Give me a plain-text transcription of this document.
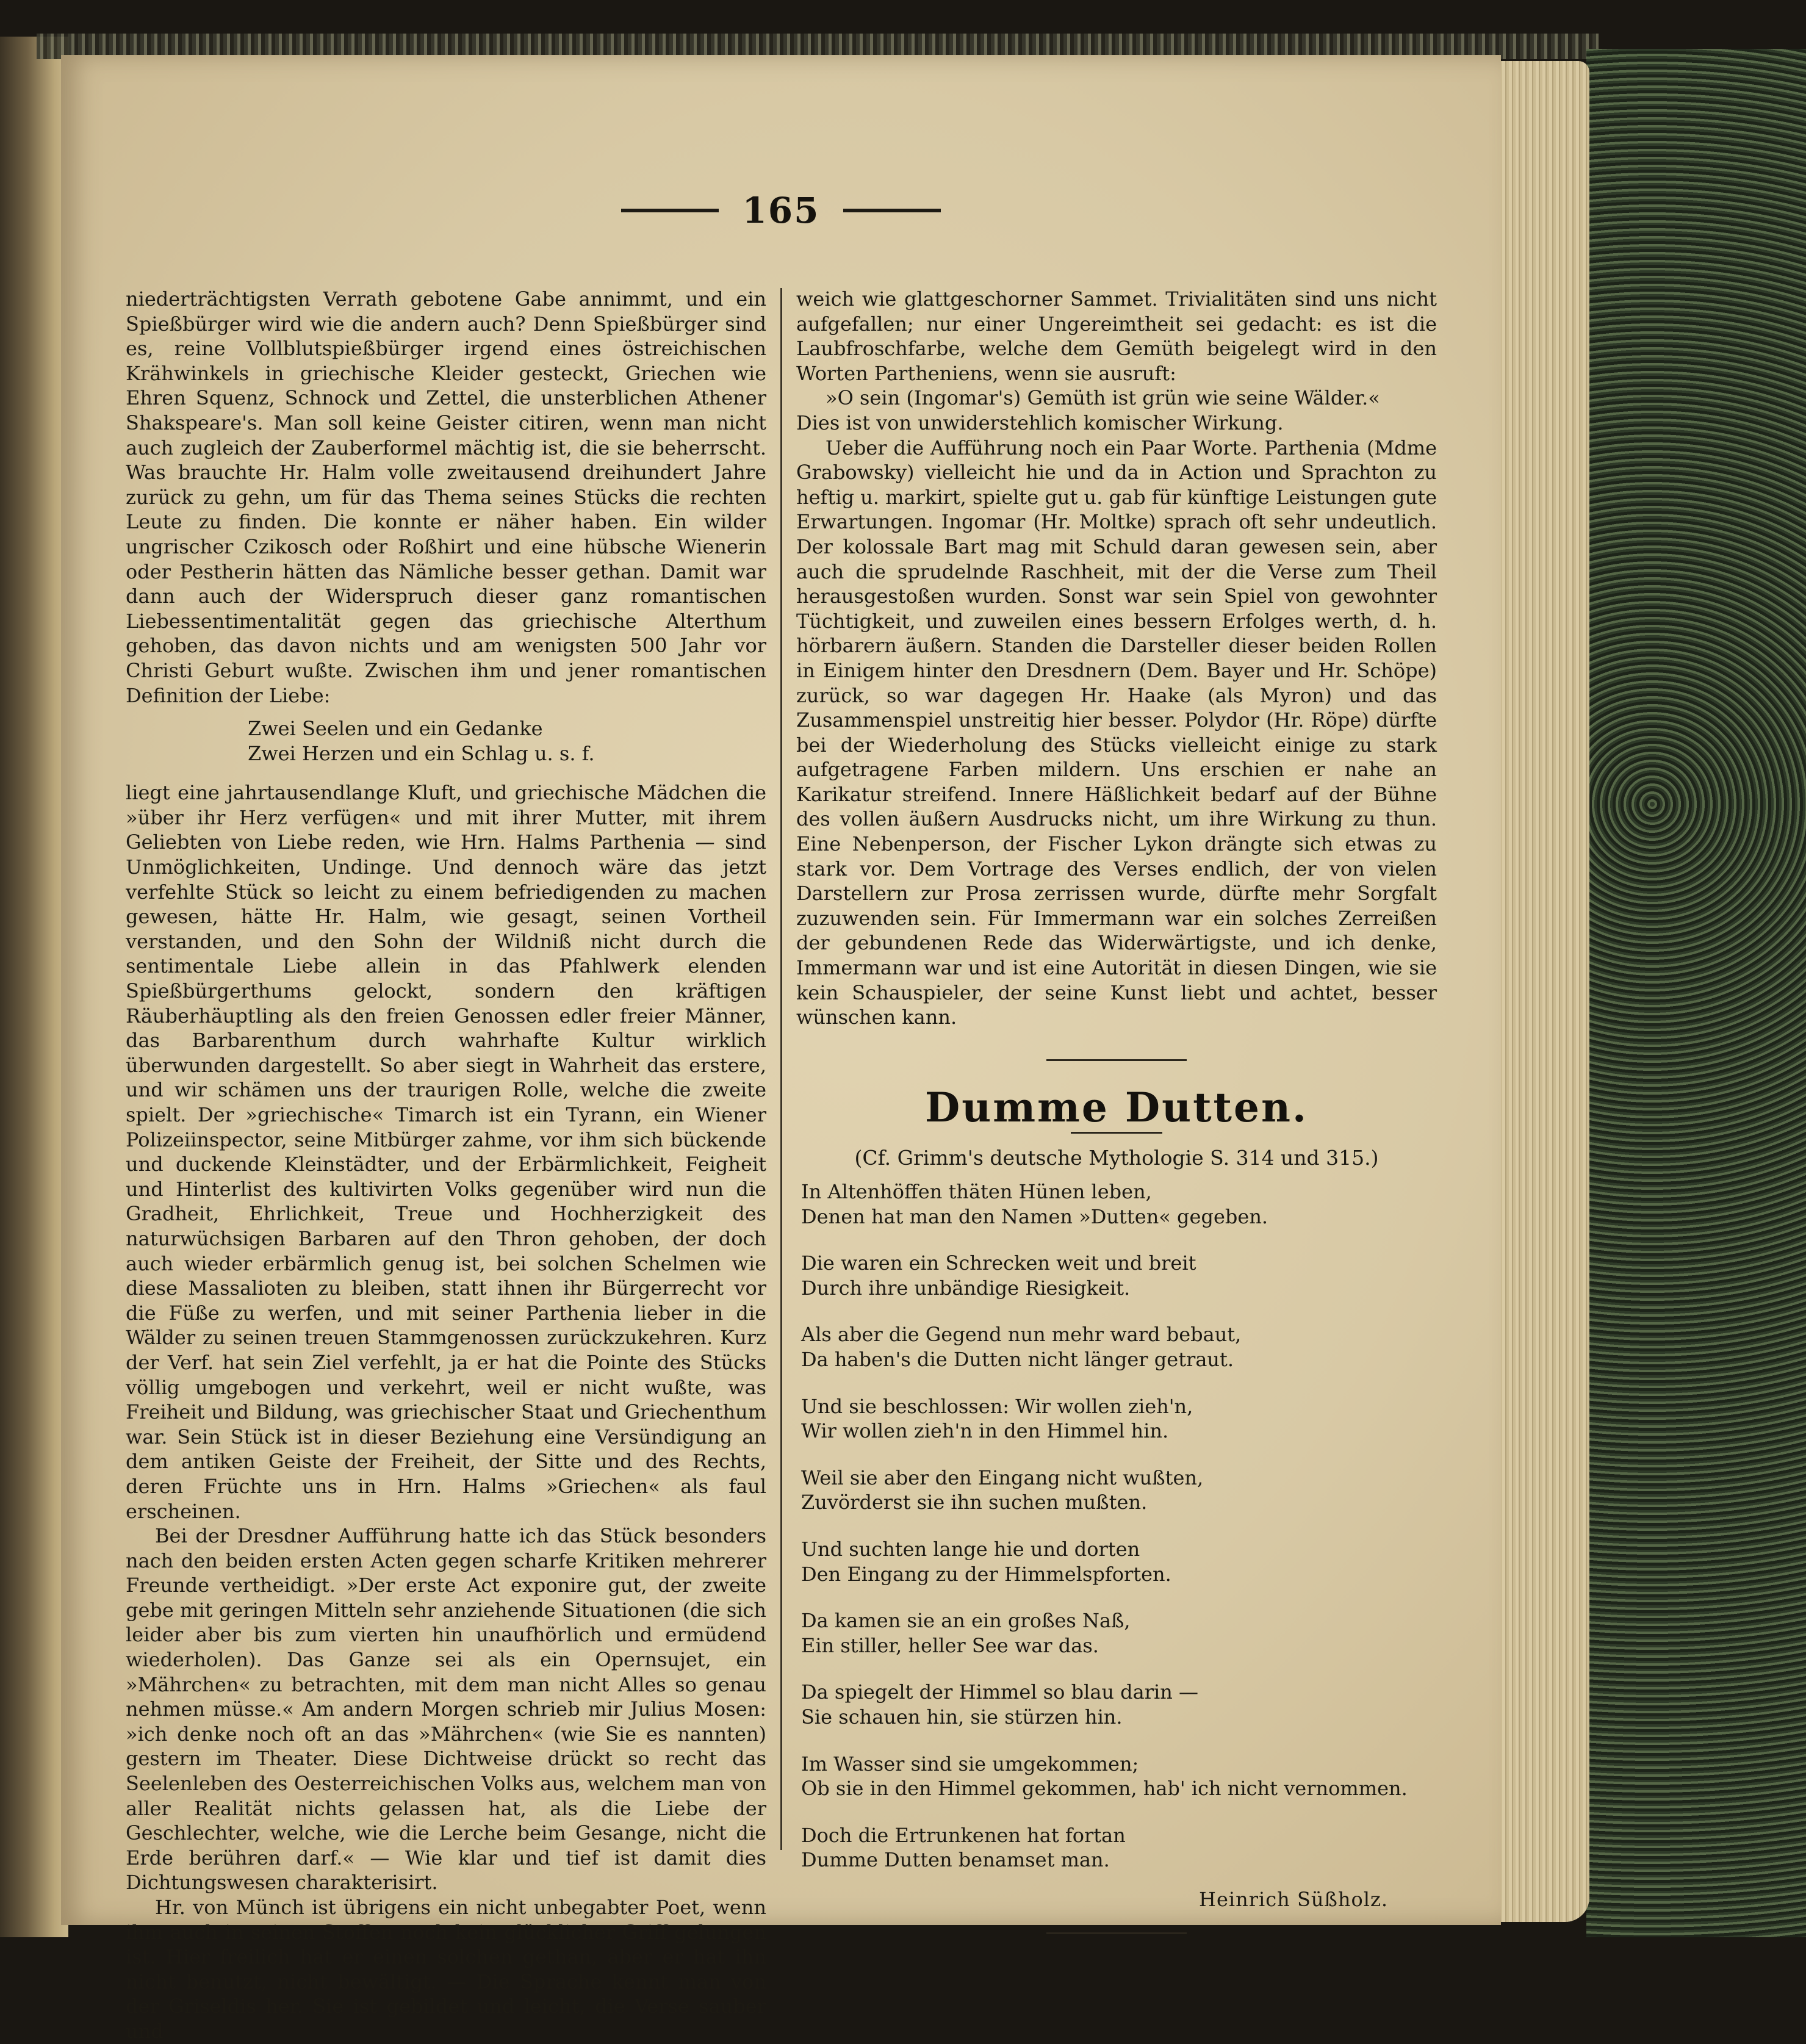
165

niederträchtigsten Verrath gebotene Gabe annimmt, und ein Spießbürger wird wie die andern auch? Denn Spießbürger sind es, reine Vollblutspießbürger irgend eines östreichischen Krähwinkels in griechische Kleider gesteckt, Griechen wie Ehren Squenz, Schnock und Zettel, die unsterblichen Athener Shakspeare's. Man soll keine Geister citiren, wenn man nicht auch zugleich der Zauberformel mächtig ist, die sie beherrscht. Was brauchte Hr. Halm volle zweitausend dreihundert Jahre zurück zu gehn, um für das Thema seines Stücks die rechten Leute zu finden. Die konnte er näher haben. Ein wilder ungrischer Czikosch oder Roßhirt und eine hübsche Wienerin oder Pestherin hätten das Nämliche besser gethan. Damit war dann auch der Widerspruch dieser ganz romantischen Liebessentimentalität gegen das griechische Alterthum gehoben, das davon nichts und am wenigsten 500 Jahr vor Christi Geburt wußte. Zwischen ihm und jener romantischen Definition der Liebe:

Zwei Seelen und ein Gedanke
Zwei Herzen und ein Schlag u. s. f.

liegt eine jahrtausendlange Kluft, und griechische Mädchen die »über ihr Herz verfügen« und mit ihrer Mutter, mit ihrem Geliebten von Liebe reden, wie Hrn. Halms Parthenia — sind Unmöglichkeiten, Undinge. Und dennoch wäre das jetzt verfehlte Stück so leicht zu einem befriedigenden zu machen gewesen, hätte Hr. Halm, wie gesagt, seinen Vortheil verstanden, und den Sohn der Wildniß nicht durch die sentimentale Liebe allein in das Pfahlwerk elenden Spießbürgerthums gelockt, sondern den kräftigen Räuberhäuptling als den freien Genossen edler freier Männer, das Barbarenthum durch wahrhafte Kultur wirklich überwunden dargestellt. So aber siegt in Wahrheit das erstere, und wir schämen uns der traurigen Rolle, welche die zweite spielt. Der »griechische« Timarch ist ein Tyrann, ein Wiener Polizeiinspector, seine Mitbürger zahme, vor ihm sich bückende und duckende Kleinstädter, und der Erbärmlichkeit, Feigheit und Hinterlist des kultivirten Volks gegenüber wird nun die Gradheit, Ehrlichkeit, Treue und Hochherzigkeit des naturwüchsigen Barbaren auf den Thron gehoben, der doch auch wieder erbärmlich genug ist, bei solchen Schelmen wie diese Massalioten zu bleiben, statt ihnen ihr Bürgerrecht vor die Füße zu werfen, und mit seiner Parthenia lieber in die Wälder zu seinen treuen Stammgenossen zurückzukehren. Kurz der Verf. hat sein Ziel verfehlt, ja er hat die Pointe des Stücks völlig umgebogen und verkehrt, weil er nicht wußte, was Freiheit und Bildung, was griechischer Staat und Griechenthum war. Sein Stück ist in dieser Beziehung eine Versündigung an dem antiken Geiste der Freiheit, der Sitte und des Rechts, deren Früchte uns in Hrn. Halms »Griechen« als faul erscheinen.

Bei der Dresdner Aufführung hatte ich das Stück besonders nach den beiden ersten Acten gegen scharfe Kritiken mehrerer Freunde vertheidigt. »Der erste Act exponire gut, der zweite gebe mit geringen Mitteln sehr anziehende Situationen (die sich leider aber bis zum vierten hin unaufhörlich und ermüdend wiederholen). Das Ganze sei als ein Opernsujet, ein »Mährchen« zu betrachten, mit dem man nicht Alles so genau nehmen müsse.« Am andern Morgen schrieb mir Julius Mosen: »ich denke noch oft an das »Mährchen« (wie Sie es nannten) gestern im Theater. Diese Dichtweise drückt so recht das Seelenleben des Oesterreichischen Volks aus, welchem man von aller Realität nichts gelassen hat, als die Liebe der Geschlechter, welche, wie die Lerche beim Gesange, nicht die Erde berühren darf.« — Wie klar und tief ist damit dies Dichtungswesen charakterisirt.

Hr. von Münch ist übrigens ein nicht unbegabter Poet, wenn ihm auch in seinen Stoffen noch kein glücklicher Griff gelungen ist. Hier freilich hat er einen solchen gethan, aber er hat ihn nicht benutzt, nicht bewältigt. — Die Sprache kennt man von der Griseldis her. Sie ist gebildet und leicht, die Verse sauber und

weich wie glattgeschorner Sammet. Trivialitäten sind uns nicht aufgefallen; nur einer Ungereimtheit sei gedacht: es ist die Laubfroschfarbe, welche dem Gemüth beigelegt wird in den Worten Partheniens, wenn sie ausruft:

»O sein (Ingomar's) Gemüth ist grün wie seine Wälder.«

Dies ist von unwiderstehlich komischer Wirkung.

Ueber die Aufführung noch ein Paar Worte. Parthenia (Mdme Grabowsky) vielleicht hie und da in Action und Sprachton zu heftig u. markirt, spielte gut u. gab für künftige Leistungen gute Erwartungen. Ingomar (Hr. Moltke) sprach oft sehr undeutlich. Der kolossale Bart mag mit Schuld daran gewesen sein, aber auch die sprudelnde Raschheit, mit der die Verse zum Theil herausgestoßen wurden. Sonst war sein Spiel von gewohnter Tüchtigkeit, und zuweilen eines bessern Erfolges werth, d. h. hörbarern äußern. Standen die Darsteller dieser beiden Rollen in Einigem hinter den Dresdnern (Dem. Bayer und Hr. Schöpe) zurück, so war dagegen Hr. Haake (als Myron) und das Zusammenspiel unstreitig hier besser. Polydor (Hr. Röpe) dürfte bei der Wiederholung des Stücks vielleicht einige zu stark aufgetragene Farben mildern. Uns erschien er nahe an Karikatur streifend. Innere Häßlichkeit bedarf auf der Bühne des vollen äußern Ausdrucks nicht, um ihre Wirkung zu thun. Eine Nebenperson, der Fischer Lykon drängte sich etwas zu stark vor. Dem Vortrage des Verses endlich, der von vielen Darstellern zur Prosa zerrissen wurde, dürfte mehr Sorgfalt zuzuwenden sein. Für Immermann war ein solches Zerreißen der gebundenen Rede das Widerwärtigste, und ich denke, Immermann war und ist eine Autorität in diesen Dingen, wie sie kein Schauspieler, der seine Kunst liebt und achtet, besser wünschen kann.

Dumme Dutten.
(Cf. Grimm's deutsche Mythologie S. 314 und 315.)
In Altenhöffen thäten Hünen leben,
Denen hat man den Namen »Dutten« gegeben.
Die waren ein Schrecken weit und breit
Durch ihre unbändige Riesigkeit.
Als aber die Gegend nun mehr ward bebaut,
Da haben's die Dutten nicht länger getraut.
Und sie beschlossen: Wir wollen zieh'n,
Wir wollen zieh'n in den Himmel hin.
Weil sie aber den Eingang nicht wußten,
Zuvörderst sie ihn suchen mußten.
Und suchten lange hie und dorten
Den Eingang zu der Himmelspforten.
Da kamen sie an ein großes Naß,
Ein stiller, heller See war das.
Da spiegelt der Himmel so blau darin —
Sie schauen hin, sie stürzen hin.
Im Wasser sind sie umgekommen;
Ob sie in den Himmel gekommen, hab' ich nicht vernommen.
Doch die Ertrunkenen hat fortan
Dumme Dutten benamset man.
Heinrich Süßholz.
